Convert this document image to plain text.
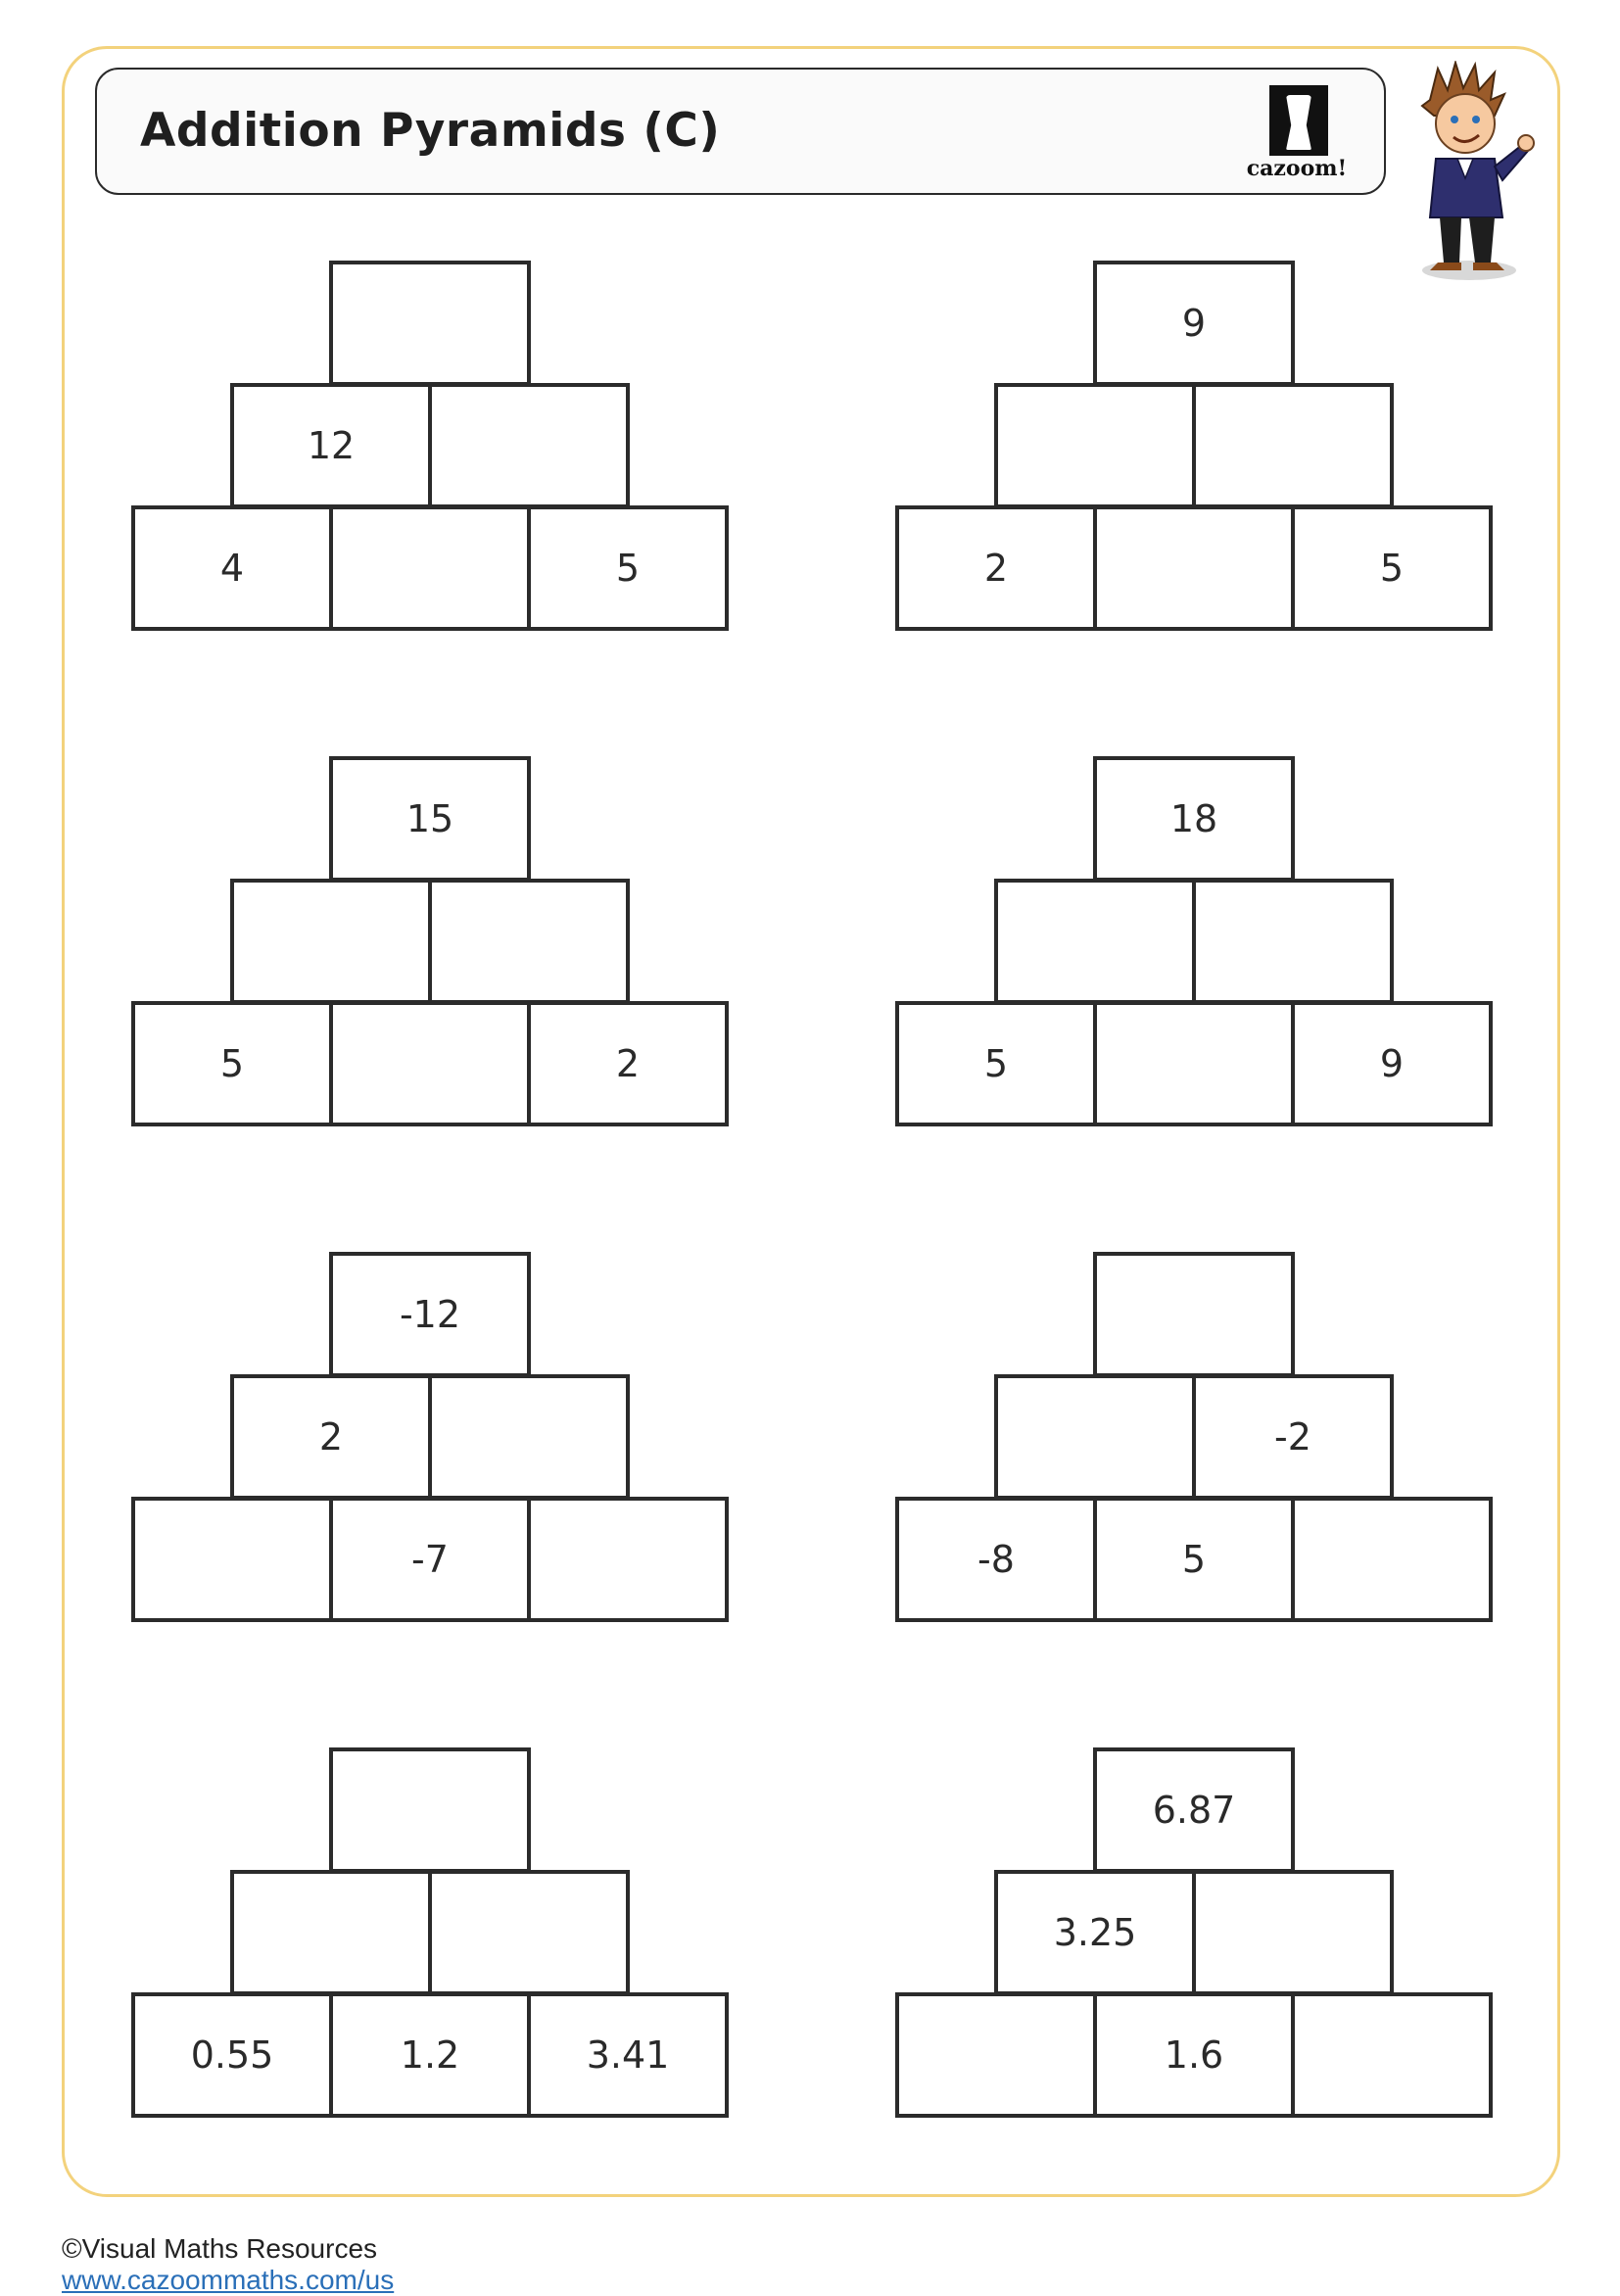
Addition Pyramids (C)
cazoom!
12
4	5
9
2	5
15
5	2
18
5	9
-12
2
-7
-2
-8	5
0.55	1.2	3.41
6.87
3.25
1.6
©Visual Maths Resources
www.cazoommaths.com/us
